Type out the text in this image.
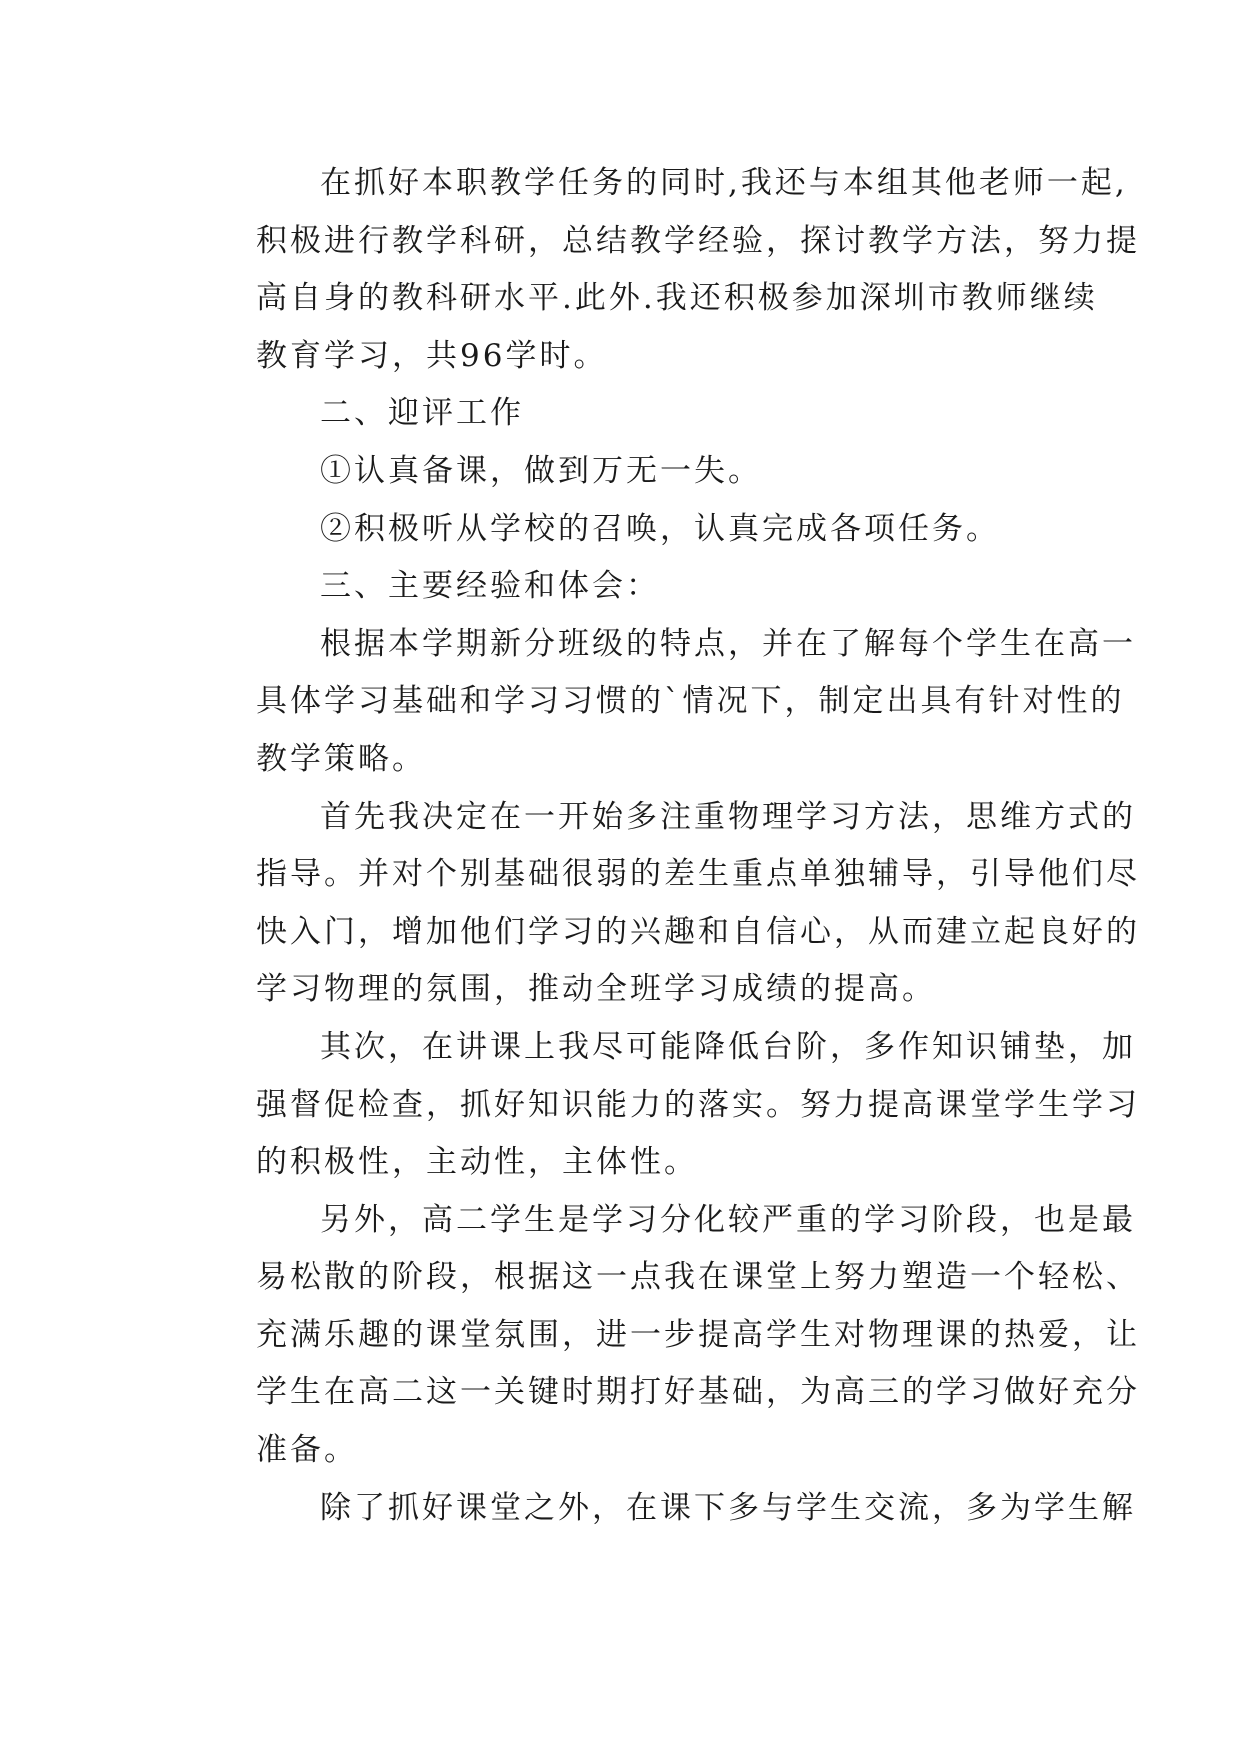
在抓好本职教学任务的同时,我还与本组其他老师一起,
积极进行教学科研，总结教学经验，探讨教学方法，努力提
高自身的教科研水平.此外.我还积极参加深圳市教师继续
教育学习，共96学时。
二、迎评工作
①认真备课，做到万无一失。
②积极听从学校的召唤，认真完成各项任务。
三、主要经验和体会：
根据本学期新分班级的特点，并在了解每个学生在高一
具体学习基础和学习习惯的`情况下，制定出具有针对性的
教学策略。
首先我决定在一开始多注重物理学习方法，思维方式的
指导。并对个别基础很弱的差生重点单独辅导，引导他们尽
快入门，增加他们学习的兴趣和自信心，从而建立起良好的
学习物理的氛围，推动全班学习成绩的提高。
其次，在讲课上我尽可能降低台阶，多作知识铺垫，加
强督促检查，抓好知识能力的落实。努力提高课堂学生学习
的积极性，主动性，主体性。
另外，高二学生是学习分化较严重的学习阶段，也是最
易松散的阶段，根据这一点我在课堂上努力塑造一个轻松、
充满乐趣的课堂氛围，进一步提高学生对物理课的热爱，让
学生在高二这一关键时期打好基础，为高三的学习做好充分
准备。
除了抓好课堂之外，在课下多与学生交流，多为学生解
